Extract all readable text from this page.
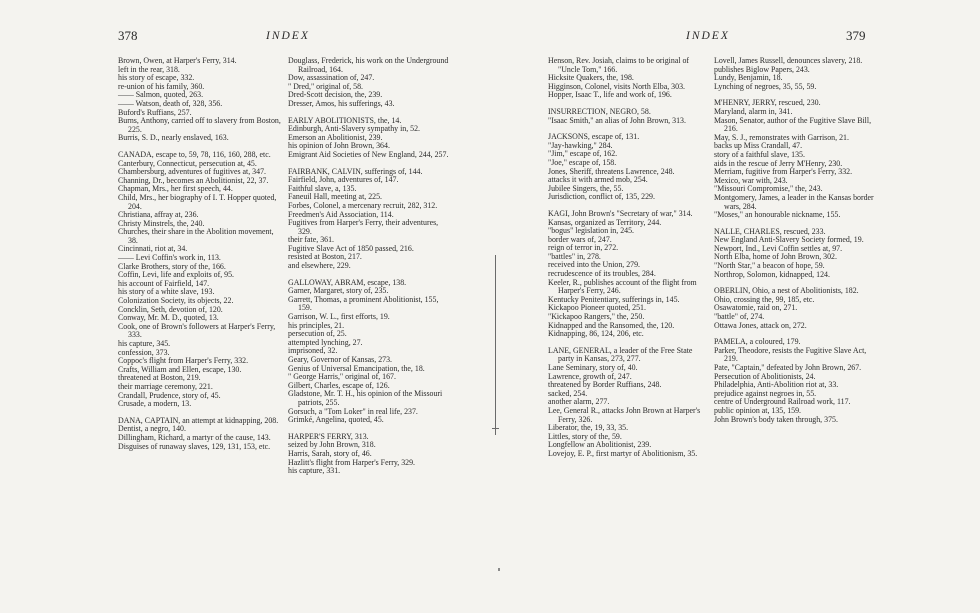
378	INDEX

Brown, Owen, at Harper's Ferry, 314.

left in the rear, 318.

his story of escape, 332.

re-union of his family, 360.

—— Salmon, quoted, 263.

—— Watson, death of, 328, 356.

Buford's Ruffians, 257.

Burns, Anthony, carried off to slavery from Boston, 225.

Burris, S. D., nearly enslaved, 163.

CANADA, escape to, 59, 78, 116, 160, 288, etc.

Canterbury, Connecticut, persecution at, 45.

Chambersburg, adventures of fugitives at, 347.

Channing, Dr., becomes an Abolitionist, 22, 37.

Chapman, Mrs., her first speech, 44.

Child, Mrs., her biography of I. T. Hopper quoted, 204.

Christiana, affray at, 236.

Christy Minstrels, the, 240.

Churches, their share in the Abolition movement, 38.

Cincinnati, riot at, 34.

—— Levi Coffin's work in, 113.

Clarke Brothers, story of the, 166.

Coffin, Levi, life and exploits of, 95.

his account of Fairfield, 147.

his story of a white slave, 193.

Colonization Society, its objects, 22.

Concklin, Seth, devotion of, 120.

Conway, Mr. M. D., quoted, 13.

Cook, one of Brown's followers at Harper's Ferry, 333.

his capture, 345.

confession, 373.

Coppoc's flight from Harper's Ferry, 332.

Crafts, William and Ellen, escape, 130.

threatened at Boston, 219.

their marriage ceremony, 221.

Crandall, Prudence, story of, 45.

Crusade, a modern, 13.

DANA, CAPTAIN, an attempt at kidnapping, 208.

Dentist, a negro, 140.

Dillingham, Richard, a martyr of the cause, 143.

Disguises of runaway slaves, 129, 131, 153, etc.

Douglass, Frederick, his work on the Underground Railroad, 164.

Dow, assassination of, 247.

" Dred," original of, 58.

Dred-Scott decision, the, 239.

Dresser, Amos, his sufferings, 43.

EARLY ABOLITIONISTS, the, 14.

Edinburgh, Anti-Slavery sympathy in, 52.

Emerson an Abolitionist, 239.

his opinion of John Brown, 364.

Emigrant Aid Societies of New England, 244, 257.

FAIRBANK, CALVIN, sufferings of, 144.

Fairfield, John, adventures of, 147.

Faithful slave, a, 135.

Faneuil Hall, meeting at, 225.

Forbes, Colonel, a mercenary recruit, 282, 312.

Freedmen's Aid Association, 114.

Fugitives from Harper's Ferry, their adventures, 329.

their fate, 361.

Fugitive Slave Act of 1850 passed, 216.

resisted at Boston, 217.

and elsewhere, 229.

GALLOWAY, ABRAM, escape, 138.

Garner, Margaret, story of, 235.

Garrett, Thomas, a prominent Abolitionist, 155, 159.

Garrison, W. L., first efforts, 19.

his principles, 21.

persecution of, 25.

attempted lynching, 27.

imprisoned, 32.

Geary, Governor of Kansas, 273.

Genius of Universal Emancipation, the, 18.

" George Harris," original of, 167.

Gilbert, Charles, escape of, 126.

Gladstone, Mr. T. H., his opinion of the Missouri patriots, 255.

Gorsuch, a "Tom Loker" in real life, 237.

Grimké, Angelina, quoted, 45.

HARPER'S FERRY, 313.

seized by John Brown, 318.

Harris, Sarah, story of, 46.

Hazlitt's flight from Harper's Ferry, 329.

his capture, 331.

INDEX	379

Henson, Rev. Josiah, claims to be original of "Uncle Tom," 166.

Hicksite Quakers, the, 198.

Higginson, Colonel, visits North Elba, 303.

Hopper, Isaac T., life and work of, 196.

INSURRECTION, NEGRO, 58.

"Isaac Smith," an alias of John Brown, 313.

JACKSONS, escape of, 131.

"Jay-hawking," 284.

"Jim," escape of, 162.

"Joe," escape of, 158.

Jones, Sheriff, threatens Lawrence, 248.

attacks it with armed mob, 254.

Jubilee Singers, the, 55.

Jurisdiction, conflict of, 135, 229.

KAGI, John Brown's "Secretary of war," 314.

Kansas, organized as Territory, 244.

"bogus" legislation in, 245.

border wars of, 247.

reign of terror in, 272.

"battles" in, 278.

received into the Union, 279.

recrudescence of its troubles, 284.

Keeler, R., publishes account of the flight from Harper's Ferry, 246.

Kentucky Penitentiary, sufferings in, 145.

Kickapoo Pioneer quoted, 251.

"Kickapoo Rangers," the, 250.

Kidnapped and the Ransomed, the, 120.

Kidnapping, 86, 124, 206, etc.

LANE, GENERAL, a leader of the Free State party in Kansas, 273, 277.

Lane Seminary, story of, 40.

Lawrence, growth of, 247.

threatened by Border Ruffians, 248.

sacked, 254.

another alarm, 277.

Lee, General R., attacks John Brown at Harper's Ferry, 326.

Liberator, the, 19, 33, 35.

Littles, story of the, 59.

Longfellow an Abolitionist, 239.

Lovejoy, E. P., first martyr of Abolitionism, 35.

Lovell, James Russell, denounces slavery, 218.

publishes Biglow Papers, 243.

Lundy, Benjamin, 18.

Lynching of negroes, 35, 55, 59.

M'HENRY, JERRY, rescued, 230.

Maryland, alarm in, 341.

Mason, Senator, author of the Fugitive Slave Bill, 216.

May, S. J., remonstrates with Garrison, 21.

backs up Miss Crandall, 47.

story of a faithful slave, 135.

aids in the rescue of Jerry M'Henry, 230.

Merriam, fugitive from Harper's Ferry, 332.

Mexico, war with, 243.

"Missouri Compromise," the, 243.

Montgomery, James, a leader in the Kansas border wars, 284.

"Moses," an honourable nickname, 155.

NALLE, CHARLES, rescued, 233.

New England Anti-Slavery Society formed, 19.

Newport, Ind., Levi Coffin settles at, 97.

North Elba, home of John Brown, 302.

"North Star," a beacon of hope, 59.

Northrop, Solomon, kidnapped, 124.

OBERLIN, Ohio, a nest of Abolitionists, 182.

Ohio, crossing the, 99, 185, etc.

Osawatomie, raid on, 271.

"battle" of, 274.

Ottawa Jones, attack on, 272.

PAMELA, a coloured, 179.

Parker, Theodore, resists the Fugitive Slave Act, 219.

Pate, "Captain," defeated by John Brown, 267.

Persecution of Abolitionists, 24.

Philadelphia, Anti-Abolition riot at, 33.

prejudice against negroes in, 55.

centre of Underground Railroad work, 117.

public opinion at, 135, 159.

John Brown's body taken through, 375.
